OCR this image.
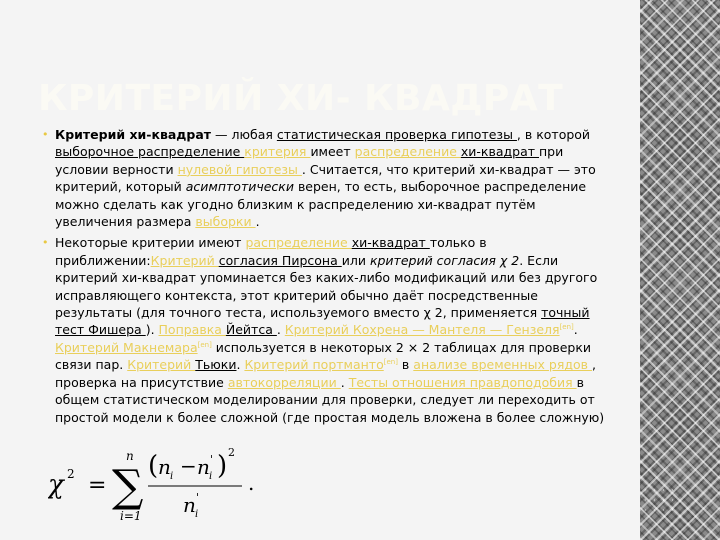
· · · ·
· · · ·
· · · ·
КРИТЕРИЙ ХИ- КВАДРАТ
• Критерий хи-квадрат — любая статистическая проверка гипотезы , в которой выборочное распределение критерия имеет распределение хи-квадрат при условии верности нулевой гипотезы . Считается, что критерий хи-квадрат — это критерий, который асимптотически верен, то есть, выборочное распределение можно сделать как угодно близким к распределению хи-квадрат путём увеличения размера выборки .
• Некоторые критерии имеют распределение хи-квадрат только в приближении:Критерий согласия Пирсона или критерий согласия χ 2. Если критерий хи-квадрат упоминается без каких-либо модификаций или без другого исправляющего контекста, этот критерий обычно даёт посредственные результаты (для точного теста, используемого вместо χ 2, применяется точный тест Фишера ). Поправка Йейтса . Критерий Кохрена — Мантеля — Гензеля[en]. Критерий Макнемара[en] используется в некоторых 2 × 2 таблицах для проверки связи пар. Критерий Тьюки. Критерий портманто[en] в анализе временных рядов , проверка на присутствие автокорреляции . Тесты отношения правдоподобия в общем статистическом моделировании для проверки, следует ли переходить от простой модели к более сложной (где простая модель вложена в более сложную)
χ 2 = ∑
n
i=1
( n i − n i
' ) 2
n i
'
.
